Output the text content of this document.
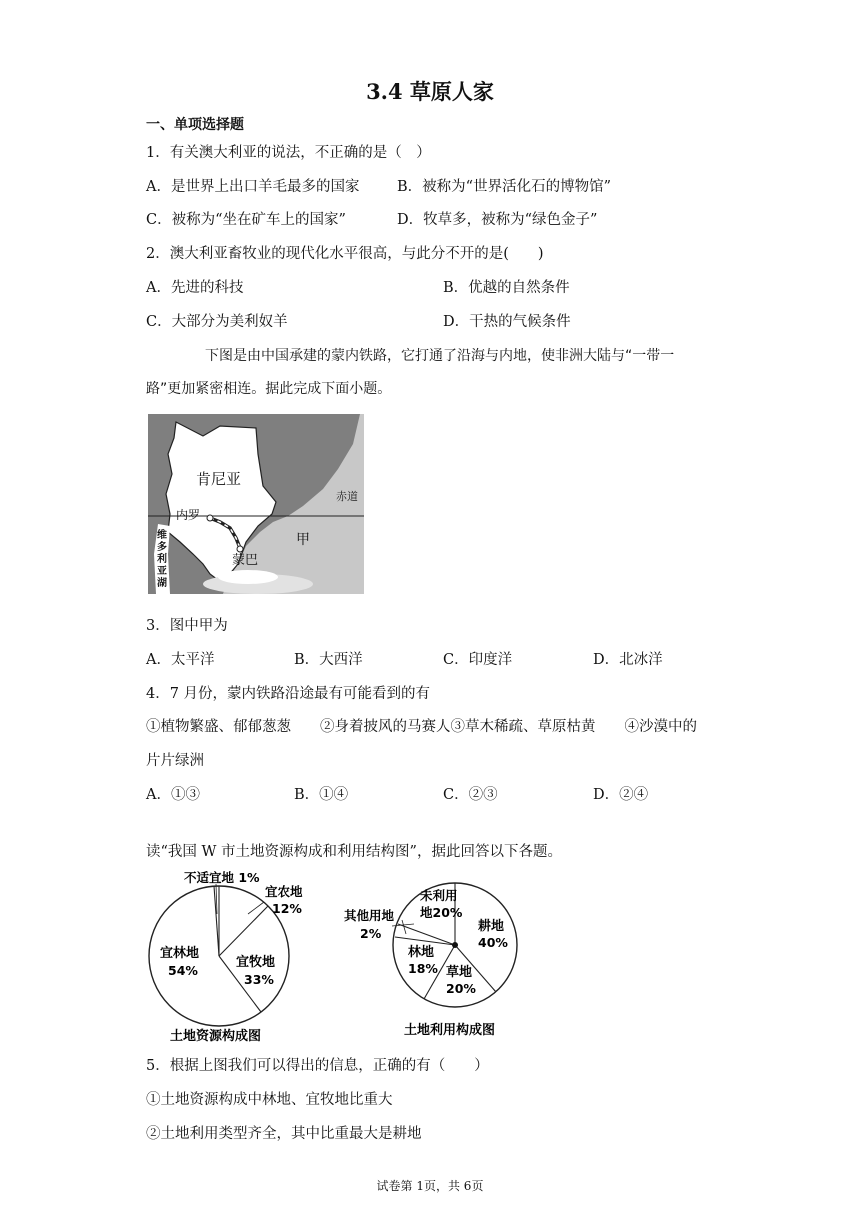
3.4 草原人家
一、单项选择题
1．有关澳大利亚的说法，不正确的是（　）
A．是世界上出口羊毛最多的国家	B．被称为“世界活化石的博物馆”
C．被称为“坐在矿车上的国家”	D．牧草多，被称为“绿色金子”
2．澳大利亚畜牧业的现代化水平很高，与此分不开的是(　　)
A．先进的科技	B．优越的自然条件
C．大部分为美利奴羊	D．干热的气候条件
下图是由中国承建的蒙内铁路，它打通了沿海与内地，使非洲大陆与“一带一
路”更加紧密相连。据此完成下面小题。
肯尼亚
赤道
内罗
甲
蒙巴
维
多
利
亚
湖
3．图中甲为
A．太平洋	B．大西洋	C．印度洋	D．北冰洋
4．7 月份，蒙内铁路沿途最有可能看到的有
①植物繁盛、郁郁葱葱　　②身着披风的马赛人③草木稀疏、草原枯黄　　④沙漠中的
片片绿洲
A．①③	B．①④	C．②③	D．②④
读“我国 W 市土地资源构成和利用结构图”，据此回答以下各题。
不适宜地 1%
宜农地
12%
宜林地
54%
宜牧地
33%
土地资源构成图
未利用
地20%
其他用地
2%	耕地
40%
林地
18% 草地
20%
土地利用构成图
5．根据上图我们可以得出的信息，正确的有（　　）
①土地资源构成中林地、宜牧地比重大
②土地利用类型齐全，其中比重最大是耕地
试卷第 1页，共 6页
